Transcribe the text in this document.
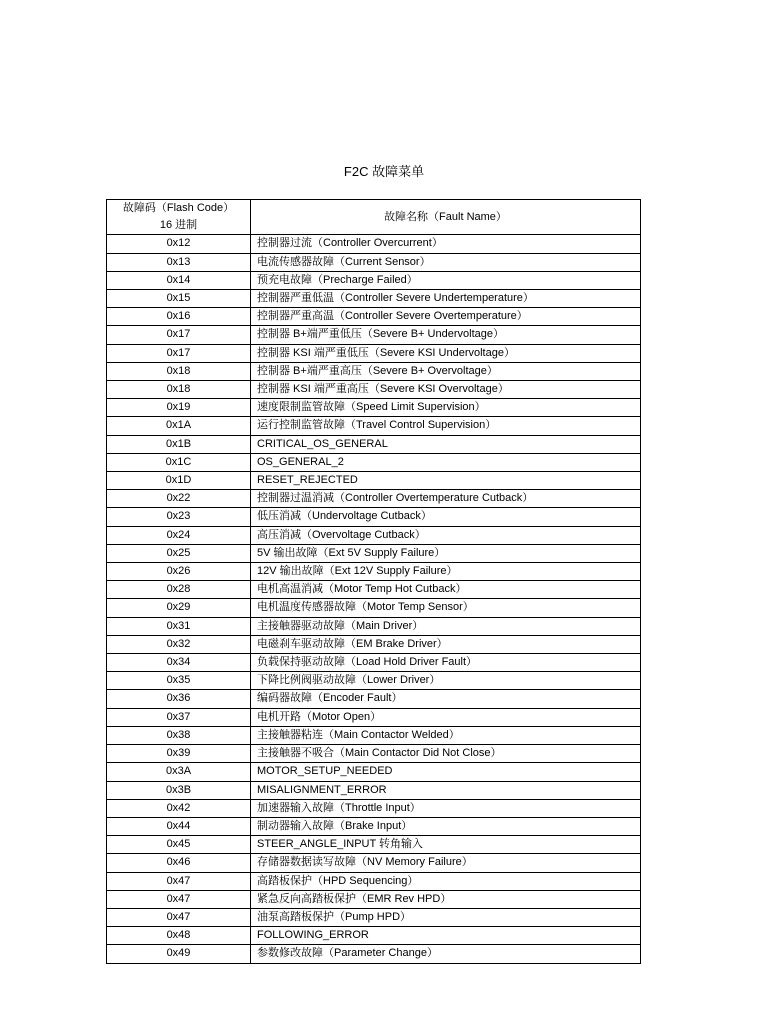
F2C 故障菜单
故障码（Flash Code）
16 进制	故障名称（Fault Name）
0x12	控制器过流（Controller Overcurrent）
0x13	电流传感器故障（Current Sensor）
0x14	预充电故障（Precharge Failed）
0x15	控制器严重低温（Controller Severe Undertemperature）
0x16	控制器严重高温（Controller Severe Overtemperature）
0x17	控制器 B+端严重低压（Severe B+ Undervoltage）
0x17	控制器 KSI 端严重低压（Severe KSI Undervoltage）
0x18	控制器 B+端严重高压（Severe B+ Overvoltage）
0x18	控制器 KSI 端严重高压（Severe KSI Overvoltage）
0x19	速度限制监管故障（Speed Limit Supervision）
0x1A	运行控制监管故障（Travel Control Supervision）
0x1B	CRITICAL_OS_GENERAL
0x1C	OS_GENERAL_2
0x1D	RESET_REJECTED
0x22	控制器过温消减（Controller Overtemperature Cutback）
0x23	低压消减（Undervoltage Cutback）
0x24	高压消减（Overvoltage Cutback）
0x25	5V 输出故障（Ext 5V Supply Failure）
0x26	12V 输出故障（Ext 12V Supply Failure）
0x28	电机高温消减（Motor Temp Hot Cutback）
0x29	电机温度传感器故障（Motor Temp Sensor）
0x31	主接触器驱动故障（Main Driver）
0x32	电磁刹车驱动故障（EM Brake Driver）
0x34	负载保持驱动故障（Load Hold Driver Fault）
0x35	下降比例阀驱动故障（Lower Driver）
0x36	编码器故障（Encoder Fault）
0x37	电机开路（Motor Open）
0x38	主接触器粘连（Main Contactor Welded）
0x39	主接触器不吸合（Main Contactor Did Not Close）
0x3A	MOTOR_SETUP_NEEDED
0x3B	MISALIGNMENT_ERROR
0x42	加速器输入故障（Throttle Input）
0x44	制动器输入故障（Brake Input）
0x45	STEER_ANGLE_INPUT 转角输入
0x46	存储器数据读写故障（NV Memory Failure）
0x47	高踏板保护（HPD Sequencing）
0x47	紧急反向高踏板保护（EMR Rev HPD）
0x47	油泵高踏板保护（Pump HPD）
0x48	FOLLOWING_ERROR
0x49	参数修改故障（Parameter Change）
